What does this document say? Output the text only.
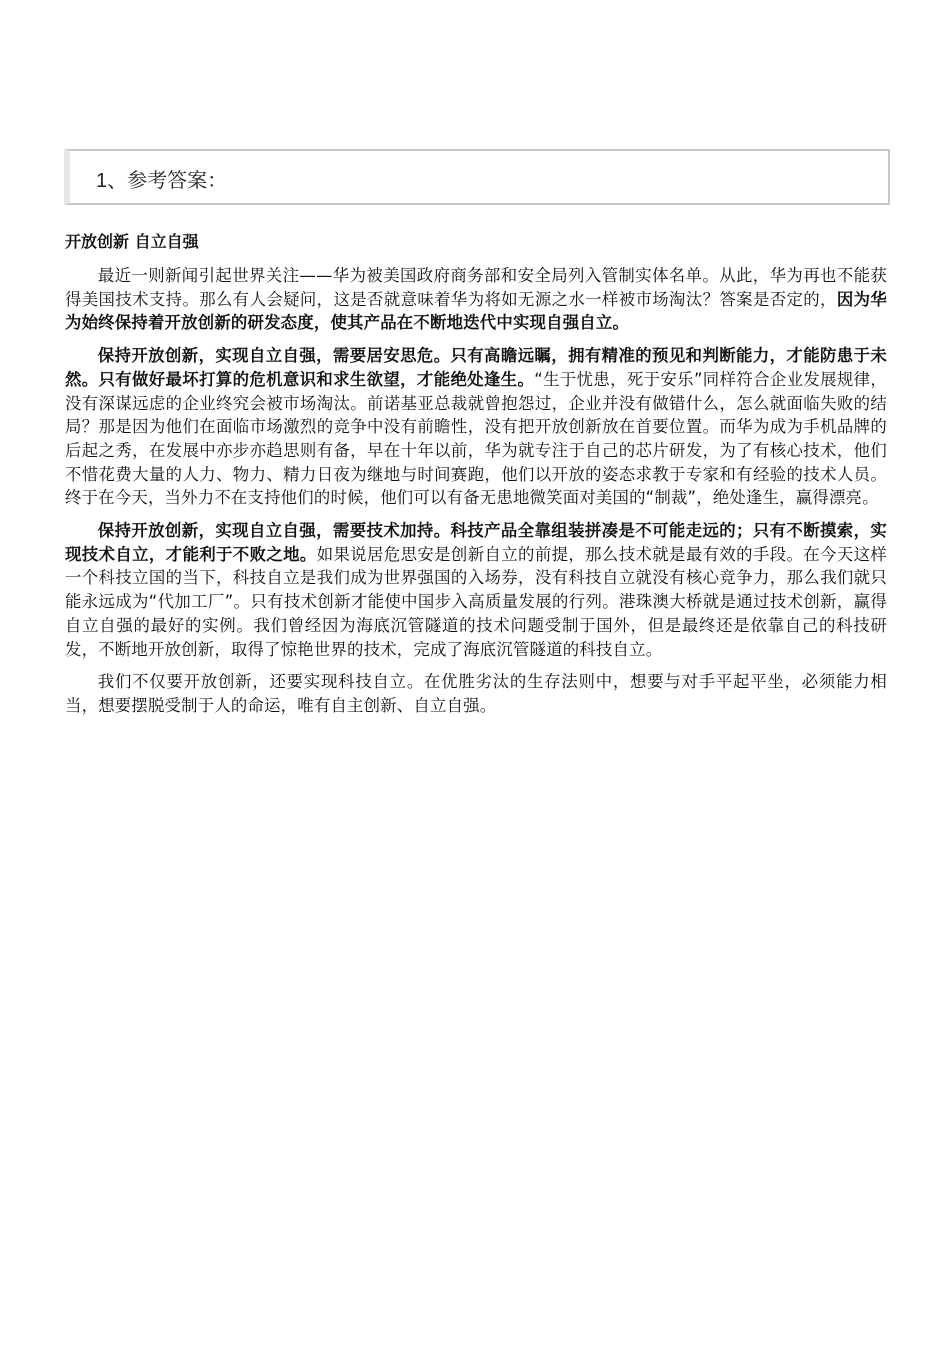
1、参考答案：
开放创新 自立自强

最近一则新闻引起世界关注——华为被美国政府商务部和安全局列入管制实体名单。从此，华为再也不能获得美国技术支持。那么有人会疑问，这是否就意味着华为将如无源之水一样被市场淘汰？答案是否定的，因为华为始终保持着开放创新的研发态度，使其产品在不断地迭代中实现自强自立。

保持开放创新，实现自立自强，需要居安思危。只有高瞻远瞩，拥有精准的预见和判断能力，才能防患于未然。只有做好最坏打算的危机意识和求生欲望，才能绝处逢生。“生于忧患，死于安乐”同样符合企业发展规律，没有深谋远虑的企业终究会被市场淘汰。前诺基亚总裁就曾抱怨过，企业并没有做错什么，怎么就面临失败的结局？那是因为他们在面临市场激烈的竞争中没有前瞻性，没有把开放创新放在首要位置。而华为成为手机品牌的后起之秀，在发展中亦步亦趋思则有备，早在十年以前，华为就专注于自己的芯片研发，为了有核心技术，他们不惜花费大量的人力、物力、精力日夜为继地与时间赛跑，他们以开放的姿态求教于专家和有经验的技术人员。终于在今天，当外力不在支持他们的时候，他们可以有备无患地微笑面对美国的“制裁”，绝处逢生，赢得漂亮。

保持开放创新，实现自立自强，需要技术加持。科技产品全靠组装拼凑是不可能走远的；只有不断摸索，实现技术自立，才能利于不败之地。如果说居危思安是创新自立的前提，那么技术就是最有效的手段。在今天这样一个科技立国的当下，科技自立是我们成为世界强国的入场券，没有科技自立就没有核心竞争力，那么我们就只能永远成为“代加工厂”。只有技术创新才能使中国步入高质量发展的行列。港珠澳大桥就是通过技术创新，赢得自立自强的最好的实例。我们曾经因为海底沉管隧道的技术问题受制于国外，但是最终还是依靠自己的科技研发，不断地开放创新，取得了惊艳世界的技术，完成了海底沉管隧道的科技自立。

我们不仅要开放创新，还要实现科技自立。在优胜劣汰的生存法则中，想要与对手平起平坐，必须能力相当，想要摆脱受制于人的命运，唯有自主创新、自立自强。
